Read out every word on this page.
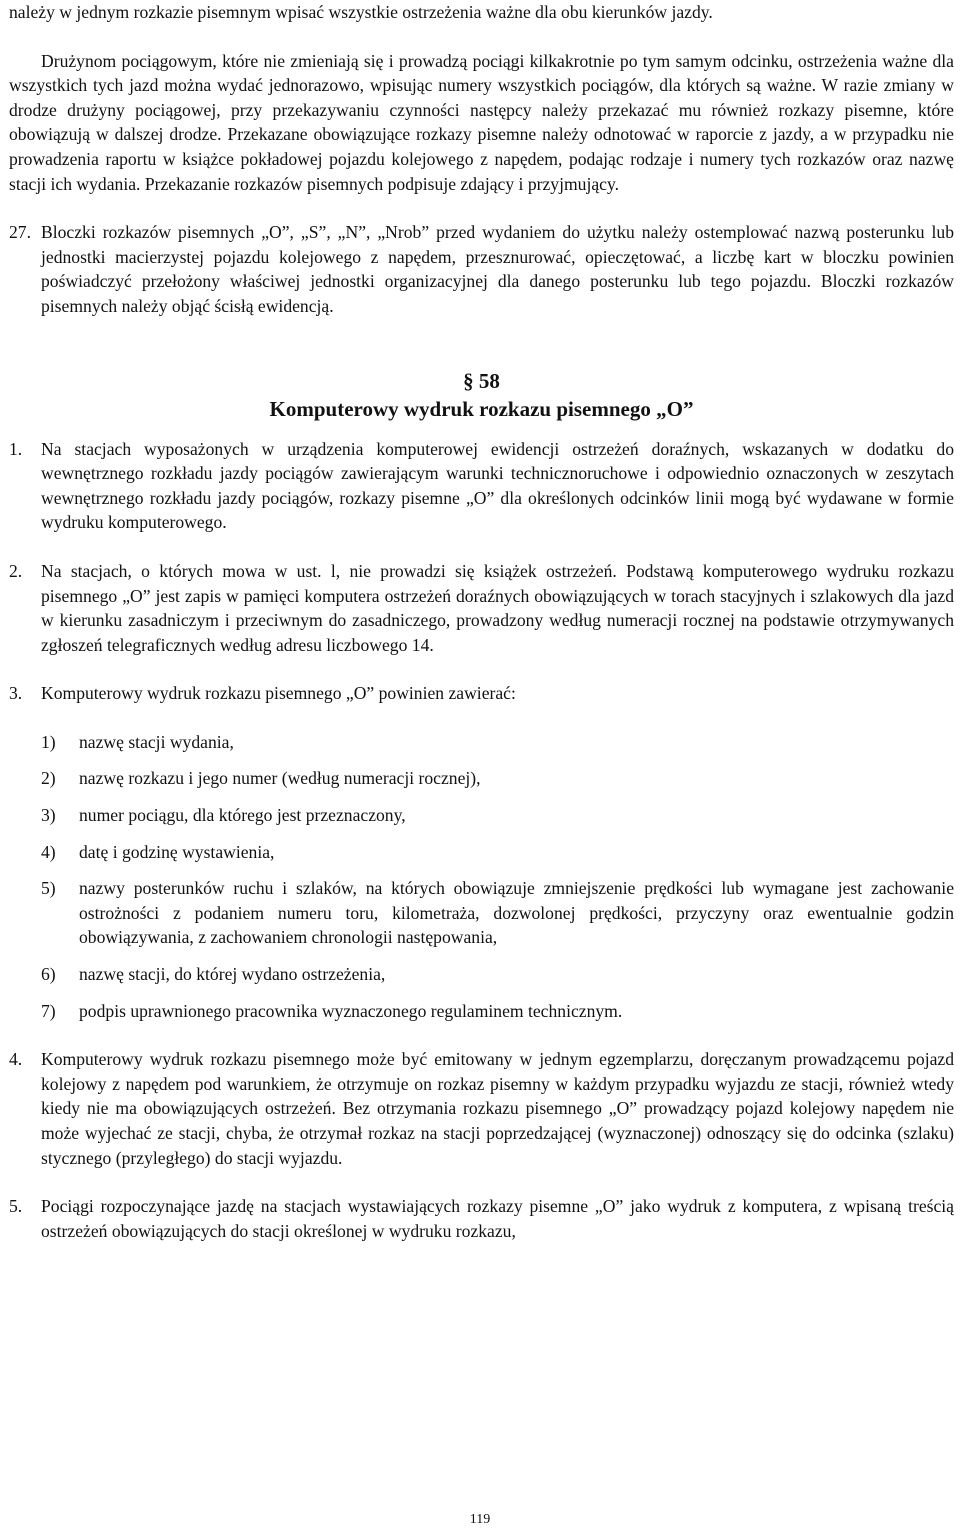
należy w jednym rozkazie pisemnym wpisać wszystkie ostrzeżenia ważne dla obu kierunków jazdy.

Drużynom pociągowym, które nie zmieniają się i prowadzą pociągi kilkakrotnie po tym samym odcinku, ostrzeżenia ważne dla wszystkich tych jazd można wydać jednorazowo, wpisując numery wszystkich pociągów, dla których są ważne. W razie zmiany w drodze drużyny pociągowej, przy przekazywaniu czynności następcy należy przekazać mu również rozkazy pisemne, które obowiązują w dalszej drodze. Przekazane obowiązujące rozkazy pisemne należy odnotować w raporcie z jazdy, a w przypadku nie prowadzenia raportu w książce pokładowej pojazdu kolejowego z napędem, podając rodzaje i numery tych rozkazów oraz nazwę stacji ich wydania. Przekazanie rozkazów pisemnych podpisuje zdający i przyjmujący.

27. Bloczki rozkazów pisemnych „O”, „S”, „N”, „Nrob” przed wydaniem do użytku należy ostemplować nazwą posterunku lub jednostki macierzystej pojazdu kolejowego z napędem, przesznurować, opieczętować, a liczbę kart w bloczku powinien poświadczyć przełożony właściwej jednostki organizacyjnej dla danego posterunku lub tego pojazdu. Bloczki rozkazów pisemnych należy objąć ścisłą ewidencją.
§ 58
Komputerowy wydruk rozkazu pisemnego „O”
1.	Na stacjach wyposażonych w urządzenia komputerowej ewidencji ostrzeżeń doraźnych, wskazanych w dodatku do wewnętrznego rozkładu jazdy pociągów zawierającym warunki technicznoruchowe i odpowiednio oznaczonych w zeszytach wewnętrznego rozkładu jazdy pociągów, rozkazy pisemne „O” dla określonych odcinków linii mogą być wydawane w formie wydruku komputerowego.
2.	Na stacjach, o których mowa w ust. l, nie prowadzi się książek ostrzeżeń. Podstawą komputerowego wydruku rozkazu pisemnego „O” jest zapis w pamięci komputera ostrzeżeń doraźnych obowiązujących w torach stacyjnych i szlakowych dla jazd w kierunku zasadniczym i przeciwnym do zasadniczego, prowadzony według numeracji rocznej na podstawie otrzymywanych zgłoszeń telegraficznych według adresu liczbowego 14.
3.	Komputerowy wydruk rozkazu pisemnego „O” powinien zawierać:
1)	nazwę stacji wydania,
2)	nazwę rozkazu i jego numer (według numeracji rocznej),
3)	numer pociągu, dla którego jest przeznaczony,
4)	datę i godzinę wystawienia,
5)	nazwy posterunków ruchu i szlaków, na których obowiązuje zmniejszenie prędkości lub wymagane jest zachowanie ostrożności z podaniem numeru toru, kilometraża, dozwolonej prędkości, przyczyny oraz ewentualnie godzin obowiązywania, z zachowaniem chronologii następowania,
6)	nazwę stacji, do której wydano ostrzeżenia,
7)	podpis uprawnionego pracownika wyznaczonego regulaminem technicznym.
4.	Komputerowy wydruk rozkazu pisemnego może być emitowany w jednym egzemplarzu, doręczanym prowadzącemu pojazd kolejowy z napędem pod warunkiem, że otrzymuje on rozkaz pisemny w każdym przypadku wyjazdu ze stacji, również wtedy kiedy nie ma obowiązujących ostrzeżeń. Bez otrzymania rozkazu pisemnego „O” prowadzący pojazd kolejowy napędem nie może wyjechać ze stacji, chyba, że otrzymał rozkaz na stacji poprzedzającej (wyznaczonej) odnoszący się do odcinka (szlaku) stycznego (przyległego) do stacji wyjazdu.
5.	Pociągi rozpoczynające jazdę na stacjach wystawiających rozkazy pisemne „O” jako wydruk z komputera, z wpisaną treścią ostrzeżeń obowiązujących do stacji określonej w wydruku rozkazu,
119
